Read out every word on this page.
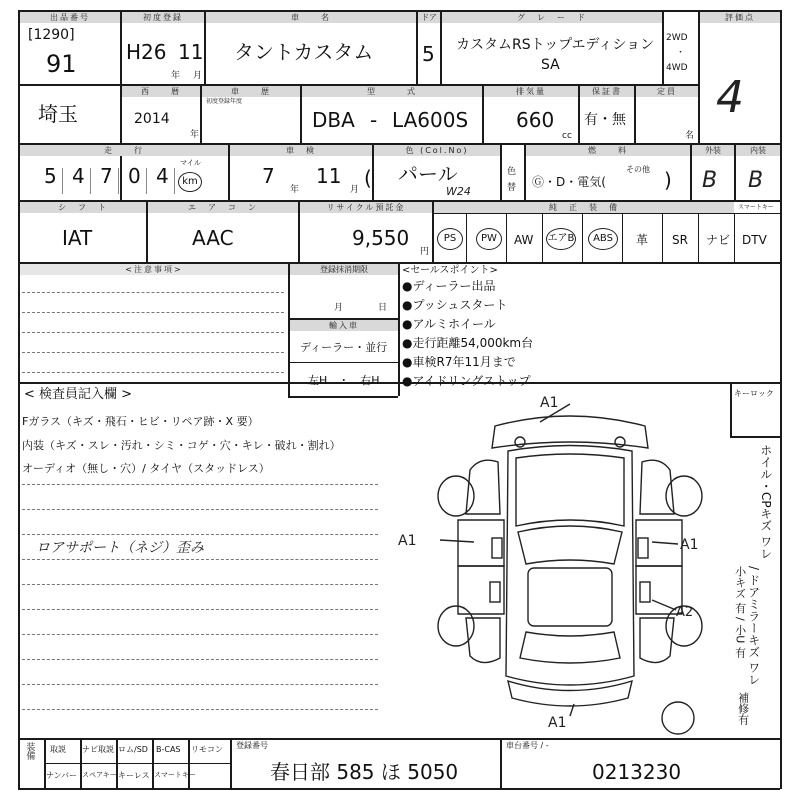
出品番号
[1290]
91
初度登録
H26 11
年 月
車　　名
タントカスタム
ドア
5
グ　レ　ー　ド
カスタムRSトップエディション
SA
2WD
・
4WD
評価点
4
埼玉
西　　暦
2014
年
車　　歴
初度登録年度
型　　　式
DBA - LA600S
排気量
660
cc
保証書
有・無
定員
名
走　　行
5 4 7 0 4
マイル
km
車　検
7
年
11
月
色 (Col.No)
( パール
W24
色
替
燃　　料
Ⓖ・D・電気(
その他 )
外装
B
内装
B
シ　フ　ト
IAT
エ　ア　コ　ン
AAC
リサイクル預託金
9,550
円
純　正　装　備	スマートキー
PS	PW	AW エアB	ABS	革 SR ナビ DTV
<注意事項>	登録抹消期限
月	日
輸入車
ディーラー・並行
左H　・　右H
<セールスポイント>
●ディーラー出品
●プッシュスタート
●アルミホイール
●走行距離54,000km台
●車検R7年11月まで
●アイドリングストップ
< 検査員記入欄 >
Fガラス（キズ・飛石・ヒビ・リペア跡・X 要）
内装（キズ・スレ・汚れ・シミ・コゲ・穴・キレ・破れ・割れ）
オーディオ（無し・穴）/ タイヤ（スタッドレス）
ロアサポート（ネジ）歪み
キーロック
ホイル・CPキズ ワレ
/ ドアミラーキズ ワレ
小キズ 有 / 小U 有
補修有
A1
A1	A1
A2
A1
装備 取説 ナビ取説 ロム/SD B-CAS リモコン
ナンバー スペアキー キーレス スマートキー
登録番号
春日部 585 ほ 5050
車台番号 / -
0213230
